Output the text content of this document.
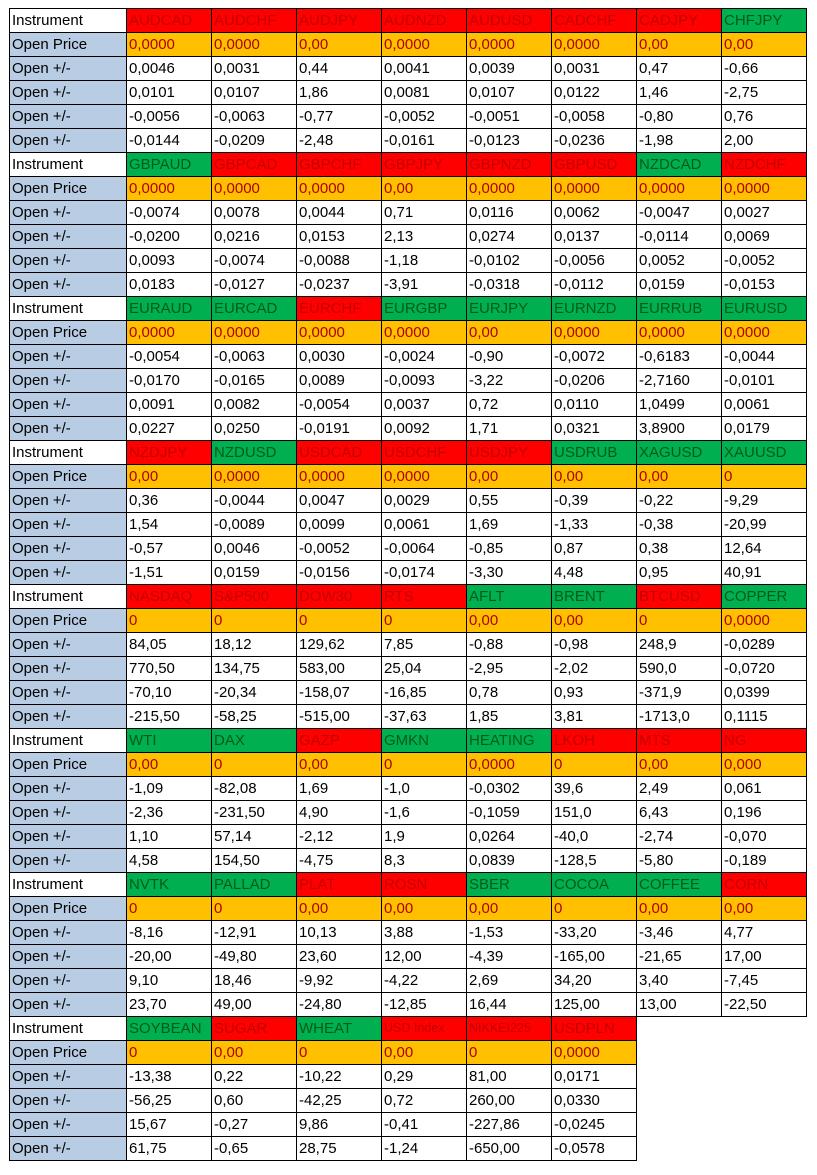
Instrument	AUDCAD	AUDCHF	AUDJPY	AUDNZD	AUDUSD	CADCHF	CADJPY	CHFJPY
Open Price	0,0000	0,0000	0,00	0,0000	0,0000	0,0000	0,00	0,00
Open +/-	0,0046	0,0031	0,44	0,0041	0,0039	0,0031	0,47	-0,66
Open +/-	0,0101	0,0107	1,86	0,0081	0,0107	0,0122	1,46	-2,75
Open +/-	-0,0056	-0,0063	-0,77	-0,0052	-0,0051	-0,0058	-0,80	0,76
Open +/-	-0,0144	-0,0209	-2,48	-0,0161	-0,0123	-0,0236	-1,98	2,00
Instrument	GBPAUD	GBPCAD	GBPCHF	GBPJPY	GBPNZD	GBPUSD	NZDCAD	NZDCHF
Open Price	0,0000	0,0000	0,0000	0,00	0,0000	0,0000	0,0000	0,0000
Open +/-	-0,0074	0,0078	0,0044	0,71	0,0116	0,0062	-0,0047	0,0027
Open +/-	-0,0200	0,0216	0,0153	2,13	0,0274	0,0137	-0,0114	0,0069
Open +/-	0,0093	-0,0074	-0,0088	-1,18	-0,0102	-0,0056	0,0052	-0,0052
Open +/-	0,0183	-0,0127	-0,0237	-3,91	-0,0318	-0,0112	0,0159	-0,0153
Instrument	EURAUD	EURCAD	EURCHF	EURGBP	EURJPY	EURNZD	EURRUB	EURUSD
Open Price	0,0000	0,0000	0,0000	0,0000	0,00	0,0000	0,0000	0,0000
Open +/-	-0,0054	-0,0063	0,0030	-0,0024	-0,90	-0,0072	-0,6183	-0,0044
Open +/-	-0,0170	-0,0165	0,0089	-0,0093	-3,22	-0,0206	-2,7160	-0,0101
Open +/-	0,0091	0,0082	-0,0054	0,0037	0,72	0,0110	1,0499	0,0061
Open +/-	0,0227	0,0250	-0,0191	0,0092	1,71	0,0321	3,8900	0,0179
Instrument	NZDJPY	NZDUSD	USDCAD	USDCHF	USDJPY	USDRUB	XAGUSD	XAUUSD
Open Price	0,00	0,0000	0,0000	0,0000	0,00	0,00	0,00	0
Open +/-	0,36	-0,0044	0,0047	0,0029	0,55	-0,39	-0,22	-9,29
Open +/-	1,54	-0,0089	0,0099	0,0061	1,69	-1,33	-0,38	-20,99
Open +/-	-0,57	0,0046	-0,0052	-0,0064	-0,85	0,87	0,38	12,64
Open +/-	-1,51	0,0159	-0,0156	-0,0174	-3,30	4,48	0,95	40,91
Instrument	NASDAQ	S&P500	DOW30	RTS	AFLT	BRENT	BTCUSD	COPPER
Open Price	0	0	0	0	0,00	0,00	0	0,0000
Open +/-	84,05	18,12	129,62	7,85	-0,88	-0,98	248,9	-0,0289
Open +/-	770,50	134,75	583,00	25,04	-2,95	-2,02	590,0	-0,0720
Open +/-	-70,10	-20,34	-158,07	-16,85	0,78	0,93	-371,9	0,0399
Open +/-	-215,50	-58,25	-515,00	-37,63	1,85	3,81	-1713,0	0,1115
Instrument	WTI	DAX	GAZP	GMKN	HEATING	LKOH	MTS	NG
Open Price	0,00	0	0,00	0	0,0000	0	0,00	0,000
Open +/-	-1,09	-82,08	1,69	-1,0	-0,0302	39,6	2,49	0,061
Open +/-	-2,36	-231,50	4,90	-1,6	-0,1059	151,0	6,43	0,196
Open +/-	1,10	57,14	-2,12	1,9	0,0264	-40,0	-2,74	-0,070
Open +/-	4,58	154,50	-4,75	8,3	0,0839	-128,5	-5,80	-0,189
Instrument	NVTK	PALLAD	PLAT	ROSN	SBER	COCOA	COFFEE	CORN
Open Price	0	0	0,00	0,00	0,00	0	0,00	0,00
Open +/-	-8,16	-12,91	10,13	3,88	-1,53	-33,20	-3,46	4,77
Open +/-	-20,00	-49,80	23,60	12,00	-4,39	-165,00	-21,65	17,00
Open +/-	9,10	18,46	-9,92	-4,22	2,69	34,20	3,40	-7,45
Open +/-	23,70	49,00	-24,80	-12,85	16,44	125,00	13,00	-22,50
Instrument	SOYBEAN	SUGAR	WHEAT	USD Index	NIKKEI225	USDPLN		
Open Price	0	0,00	0	0,00	0	0,0000		
Open +/-	-13,38	0,22	-10,22	0,29	81,00	0,0171		
Open +/-	-56,25	0,60	-42,25	0,72	260,00	0,0330		
Open +/-	15,67	-0,27	9,86	-0,41	-227,86	-0,0245		
Open +/-	61,75	-0,65	28,75	-1,24	-650,00	-0,0578		
